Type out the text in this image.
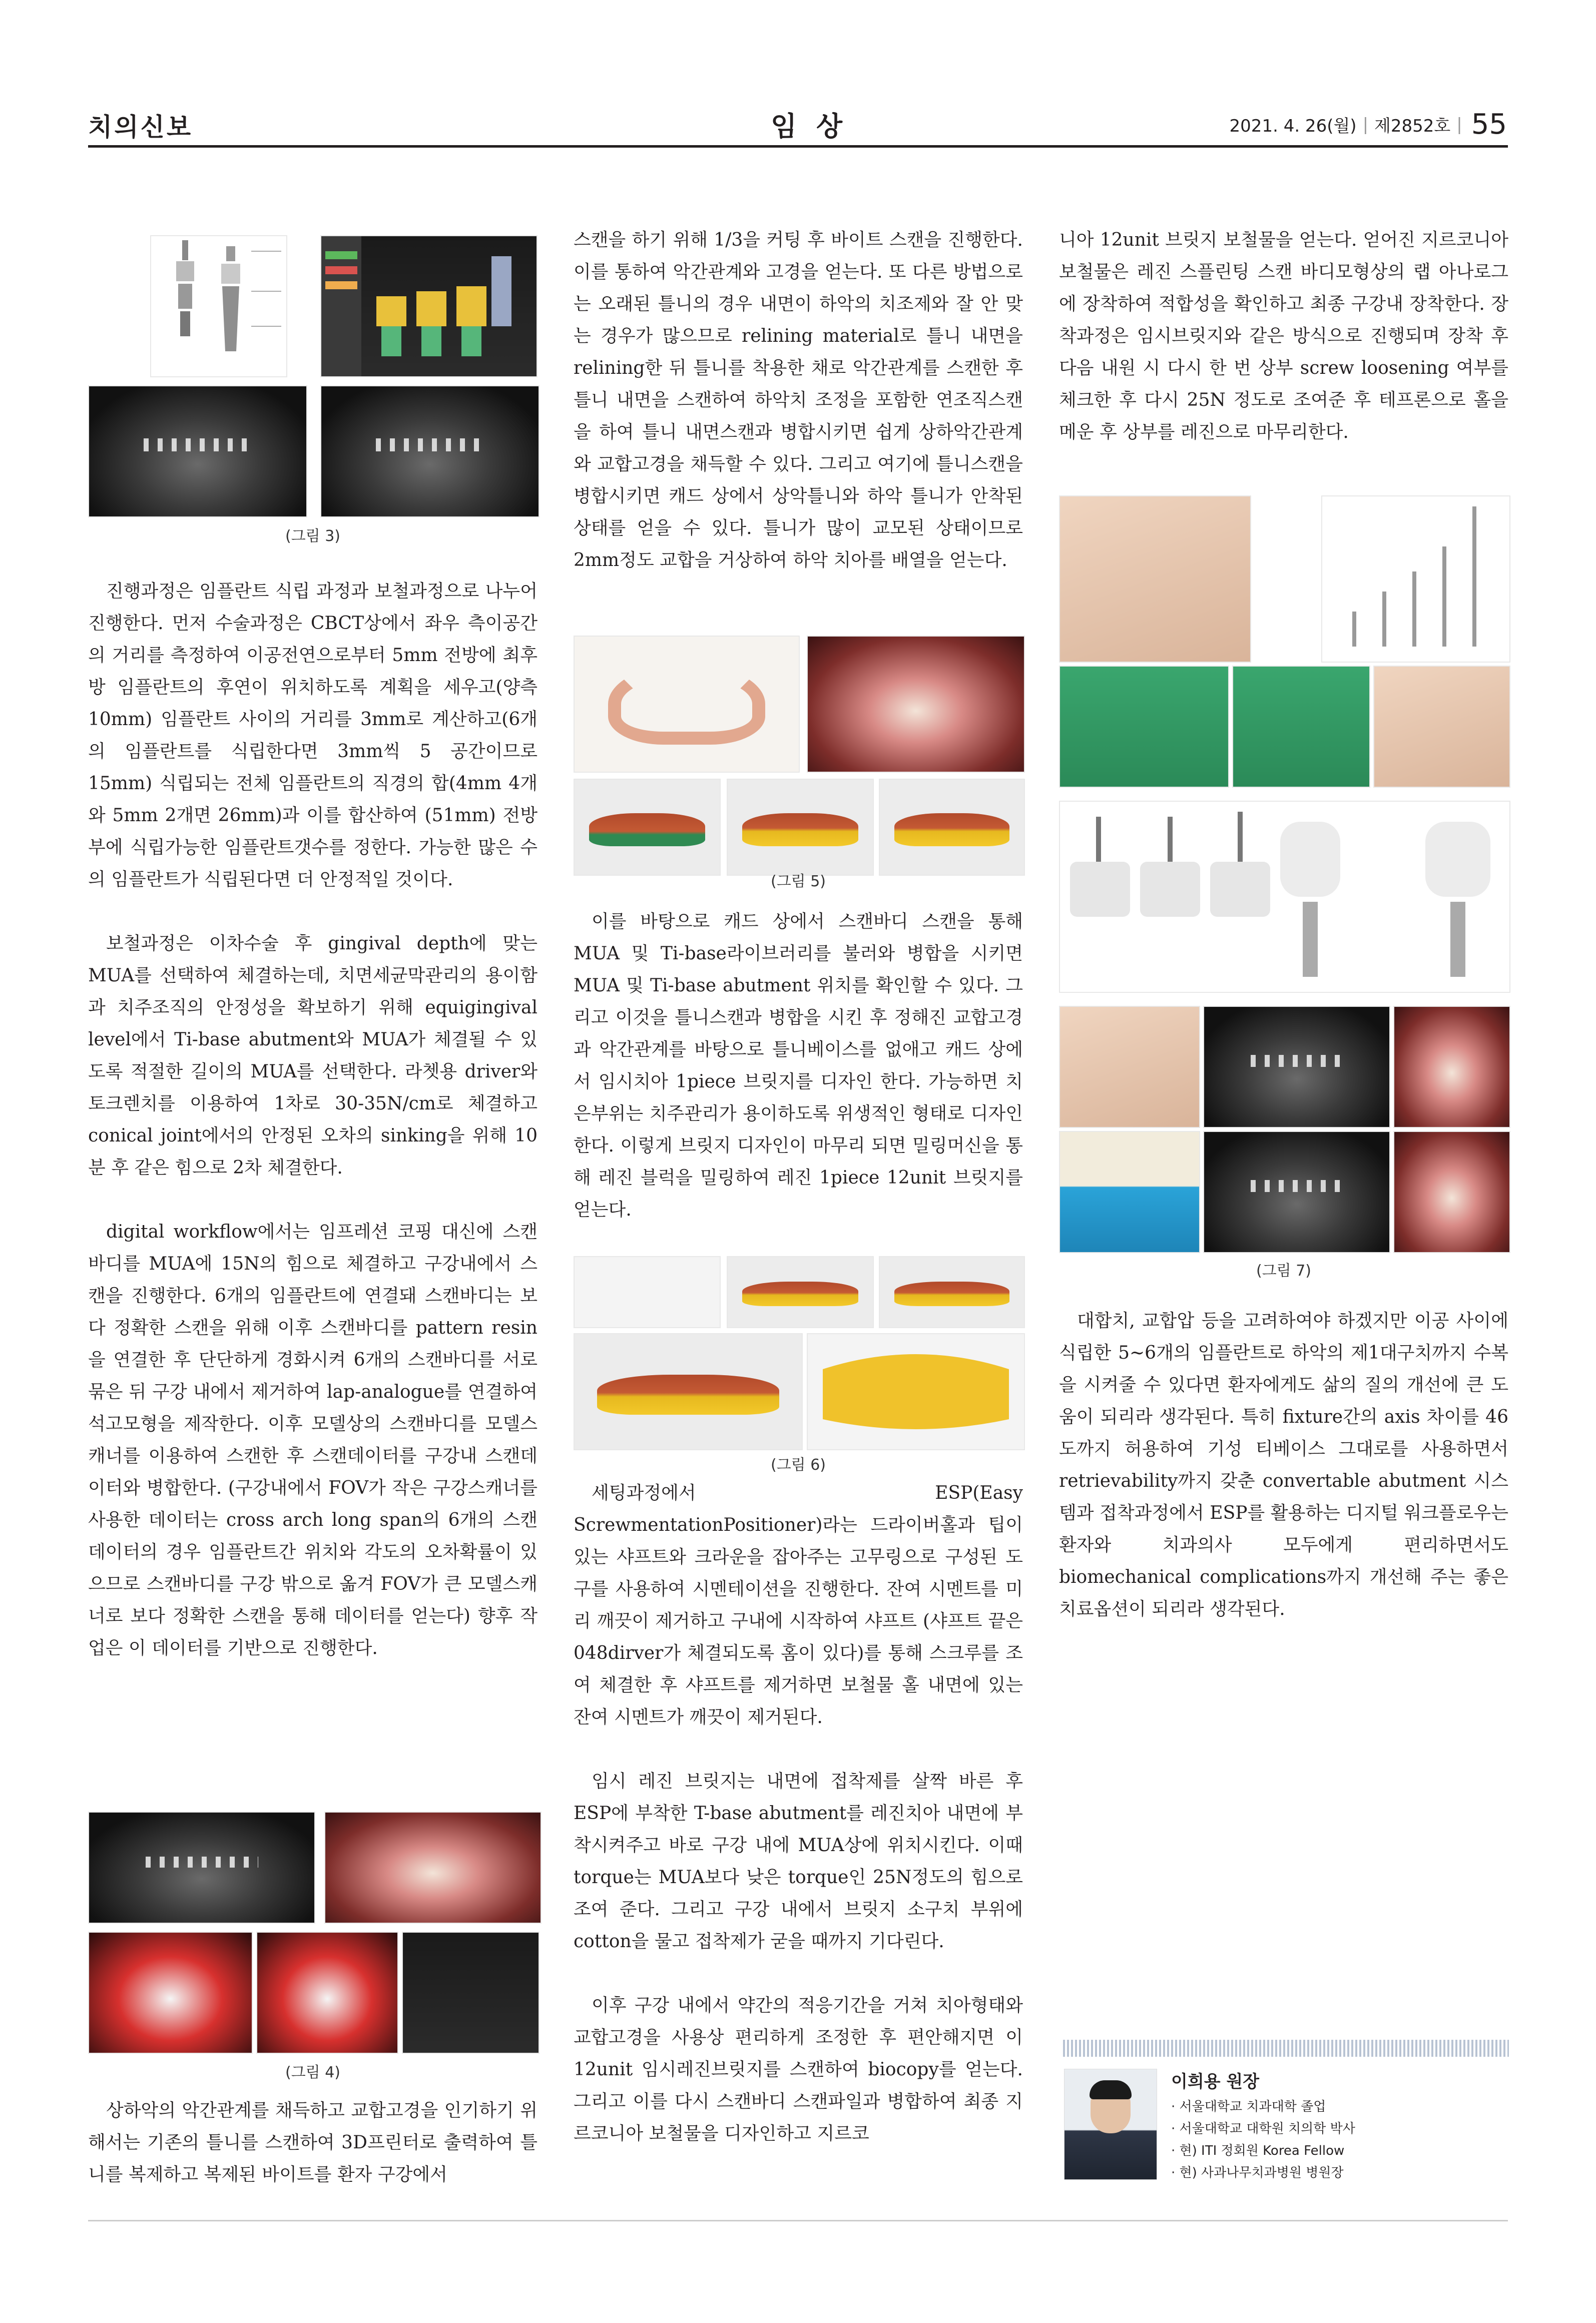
치의신보	임 상	2021. 4. 26(월) | 제2852호 | 55
(그림 3)

진행과정은 임플란트 식립 과정과 보철과정으로 나누어 진행한다. 먼저 수술과정은 CBCT상에서 좌우 측이공간의 거리를 측정하여 이공전연으로부터 5mm 전방에 최후방 임플란트의 후연이 위치하도록 계획을 세우고(양측 10mm) 임플란트 사이의 거리를 3mm로 계산하고(6개의 임플란트를 식립한다면 3mm씩 5 공간이므로 15mm) 식립되는 전체 임플란트의 직경의 합(4mm 4개와 5mm 2개면 26mm)과 이를 합산하여 (51mm) 전방부에 식립가능한 임플란트갯수를 정한다. 가능한 많은 수의 임플란트가 식립된다면 더 안정적일 것이다.

보철과정은 이차수술 후 gingival depth에 맞는 MUA를 선택하여 체결하는데, 치면세균막관리의 용이함과 치주조직의 안정성을 확보하기 위해 equigingival level에서 Ti-base abutment와 MUA가 체결될 수 있도록 적절한 길이의 MUA를 선택한다. 라쳇용 driver와 토크렌치를 이용하여 1차로 30-35N/cm로 체결하고 conical joint에서의 안정된 오차의 sinking을 위해 10분 후 같은 힘으로 2차 체결한다.

digital workflow에서는 임프레션 코핑 대신에 스캔바디를 MUA에 15N의 힘으로 체결하고 구강내에서 스캔을 진행한다. 6개의 임플란트에 연결돼 스캔바디는 보다 정확한 스캔을 위해 이후 스캔바디를 pattern resin을 연결한 후 단단하게 경화시켜 6개의 스캔바디를 서로 묶은 뒤 구강 내에서 제거하여 lap-analogue를 연결하여 석고모형을 제작한다. 이후 모델상의 스캔바디를 모델스캐너를 이용하여 스캔한 후 스캔데이터를 구강내 스캔데이터와 병합한다. (구강내에서 FOV가 작은 구강스캐너를 사용한 데이터는 cross arch long span의 6개의 스캔데이터의 경우 임플란트간 위치와 각도의 오차확률이 있으므로 스캔바디를 구강 밖으로 옮겨 FOV가 큰 모델스캐너로 보다 정확한 스캔을 통해 데이터를 얻는다) 향후 작업은 이 데이터를 기반으로 진행한다.

(그림 4)

상하악의 악간관계를 채득하고 교합고경을 인기하기 위해서는 기존의 틀니를 스캔하여 3D프린터로 출력하여 틀니를 복제하고 복제된 바이트를 환자 구강에서

스캔을 하기 위해 1/3을 커팅 후 바이트 스캔을 진행한다. 이를 통하여 악간관계와 고경을 얻는다. 또 다른 방법으로는 오래된 틀니의 경우 내면이 하악의 치조제와 잘 안 맞는 경우가 많으므로 relining material로 틀니 내면을 relining한 뒤 틀니를 착용한 채로 악간관계를 스캔한 후 틀니 내면을 스캔하여 하악치 조정을 포함한 연조직스캔을 하여 틀니 내면스캔과 병합시키면 쉽게 상하악간관계와 교합고경을 채득할 수 있다. 그리고 여기에 틀니스캔을 병합시키면 캐드 상에서 상악틀니와 하악 틀니가 안착된 상태를 얻을 수 있다. 틀니가 많이 교모된 상태이므로 2mm정도 교합을 거상하여 하악 치아를 배열을 얻는다.

(그림 5)

이를 바탕으로 캐드 상에서 스캔바디 스캔을 통해 MUA 및 Ti-base라이브러리를 불러와 병합을 시키면 MUA 및 Ti-base abutment 위치를 확인할 수 있다. 그리고 이것을 틀니스캔과 병합을 시킨 후 정해진 교합고경과 악간관계를 바탕으로 틀니베이스를 없애고 캐드 상에서 임시치아 1piece 브릿지를 디자인 한다. 가능하면 치은부위는 치주관리가 용이하도록 위생적인 형태로 디자인한다. 이렇게 브릿지 디자인이 마무리 되면 밀링머신을 통해 레진 블럭을 밀링하여 레진 1piece 12unit 브릿지를 얻는다.

(그림 6)

세팅과정에서 ESP(Easy ScrewmentationPositioner)라는 드라이버홀과 팁이 있는 샤프트와 크라운을 잡아주는 고무링으로 구성된 도구를 사용하여 시멘테이션을 진행한다. 잔여 시멘트를 미리 깨끗이 제거하고 구내에 시작하여 샤프트 (샤프트 끝은 048dirver가 체결되도록 홈이 있다)를 통해 스크루를 조여 체결한 후 샤프트를 제거하면 보철물 홀 내면에 있는 잔여 시멘트가 깨끗이 제거된다.

임시 레진 브릿지는 내면에 접착제를 살짝 바른 후 ESP에 부착한 T-base abutment를 레진치아 내면에 부착시켜주고 바로 구강 내에 MUA상에 위치시킨다. 이때 torque는 MUA보다 낮은 torque인 25N정도의 힘으로 조여 준다. 그리고 구강 내에서 브릿지 소구치 부위에 cotton을 물고 접착제가 굳을 때까지 기다린다.

이후 구강 내에서 약간의 적응기간을 거쳐 치아형태와 교합고경을 사용상 편리하게 조정한 후 편안해지면 이 12unit 임시레진브릿지를 스캔하여 biocopy를 얻는다. 그리고 이를 다시 스캔바디 스캔파일과 병합하여 최종 지르코니아 보철물을 디자인하고 지르코

니아 12unit 브릿지 보철물을 얻는다. 얻어진 지르코니아 보철물은 레진 스플린팅 스캔 바디모형상의 랩 아나로그에 장착하여 적합성을 확인하고 최종 구강내 장착한다. 장착과정은 임시브릿지와 같은 방식으로 진행되며 장착 후 다음 내원 시 다시 한 번 상부 screw loosening 여부를 체크한 후 다시 25N 정도로 조여준 후 테프론으로 홀을 메운 후 상부를 레진으로 마무리한다.

(그림 7)

대합치, 교합압 등을 고려하여야 하겠지만 이공 사이에 식립한 5~6개의 임플란트로 하악의 제1대구치까지 수복을 시켜줄 수 있다면 환자에게도 삶의 질의 개선에 큰 도움이 되리라 생각된다. 특히 fixture간의 axis 차이를 46도까지 허용하여 기성 티베이스 그대로를 사용하면서 retrievability까지 갖춘 convertable abutment 시스템과 접착과정에서 ESP를 활용하는 디지털 워크플로우는 환자와 치과의사 모두에게 편리하면서도 biomechanical complications까지 개선해 주는 좋은 치료옵션이 되리라 생각된다.

이희용 원장
· 서울대학교 치과대학 졸업
· 서울대학교 대학원 치의학 박사
· 현) ITI 정회원 Korea Fellow
· 현) 사과나무치과병원 병원장
